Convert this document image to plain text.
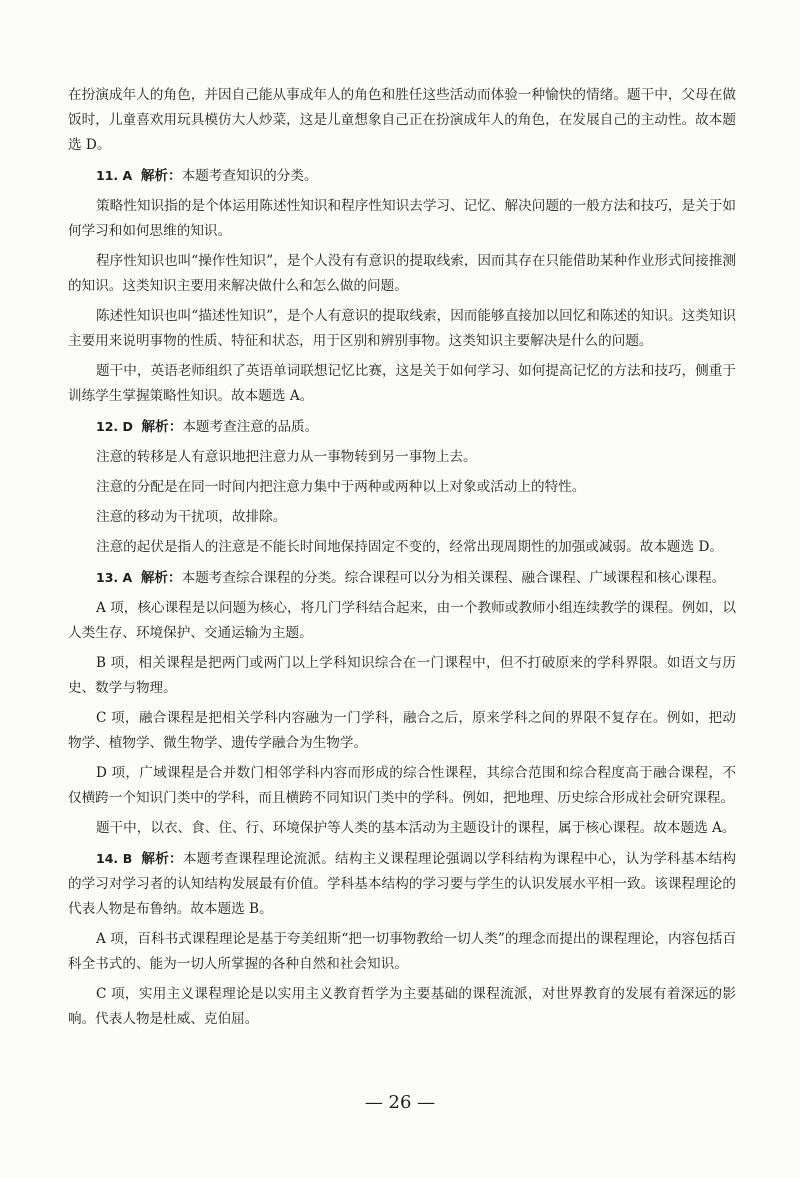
在扮演成年人的角色，并因自己能从事成年人的角色和胜任这些活动而体验一种愉快的情绪。题干中，父母在做饭时，儿童喜欢用玩具模仿大人炒菜，这是儿童想象自己正在扮演成年人的角色，在发展自己的主动性。故本题选 D。

11. A 解析：本题考查知识的分类。

策略性知识指的是个体运用陈述性知识和程序性知识去学习、记忆、解决问题的一般方法和技巧，是关于如何学习和如何思维的知识。

程序性知识也叫“操作性知识”，是个人没有有意识的提取线索，因而其存在只能借助某种作业形式间接推测的知识。这类知识主要用来解决做什么和怎么做的问题。

陈述性知识也叫“描述性知识”，是个人有意识的提取线索，因而能够直接加以回忆和陈述的知识。这类知识主要用来说明事物的性质、特征和状态，用于区别和辨别事物。这类知识主要解决是什么的问题。

题干中，英语老师组织了英语单词联想记忆比赛，这是关于如何学习、如何提高记忆的方法和技巧，侧重于训练学生掌握策略性知识。故本题选 A。

12. D 解析：本题考查注意的品质。

注意的转移是人有意识地把注意力从一事物转到另一事物上去。

注意的分配是在同一时间内把注意力集中于两种或两种以上对象或活动上的特性。

注意的移动为干扰项，故排除。

注意的起伏是指人的注意是不能长时间地保持固定不变的，经常出现周期性的加强或减弱。故本题选 D。

13. A 解析：本题考查综合课程的分类。综合课程可以分为相关课程、融合课程、广域课程和核心课程。

A 项，核心课程是以问题为核心，将几门学科结合起来，由一个教师或教师小组连续教学的课程。例如，以人类生存、环境保护、交通运输为主题。

B 项，相关课程是把两门或两门以上学科知识综合在一门课程中，但不打破原来的学科界限。如语文与历史、数学与物理。

C 项，融合课程是把相关学科内容融为一门学科，融合之后，原来学科之间的界限不复存在。例如，把动物学、植物学、微生物学、遗传学融合为生物学。

D 项，广域课程是合并数门相邻学科内容而形成的综合性课程，其综合范围和综合程度高于融合课程，不仅横跨一个知识门类中的学科，而且横跨不同知识门类中的学科。例如，把地理、历史综合形成社会研究课程。

题干中，以衣、食、住、行、环境保护等人类的基本活动为主题设计的课程，属于核心课程。故本题选 A。

14. B 解析：本题考查课程理论流派。结构主义课程理论强调以学科结构为课程中心，认为学科基本结构的学习对学习者的认知结构发展最有价值。学科基本结构的学习要与学生的认识发展水平相一致。该课程理论的代表人物是布鲁纳。故本题选 B。

A 项，百科书式课程理论是基于夸美纽斯“把一切事物教给一切人类”的理念而提出的课程理论，内容包括百科全书式的、能为一切人所掌握的各种自然和社会知识。

C 项，实用主义课程理论是以实用主义教育哲学为主要基础的课程流派，对世界教育的发展有着深远的影响。代表人物是杜威、克伯屈。

— 26 —
